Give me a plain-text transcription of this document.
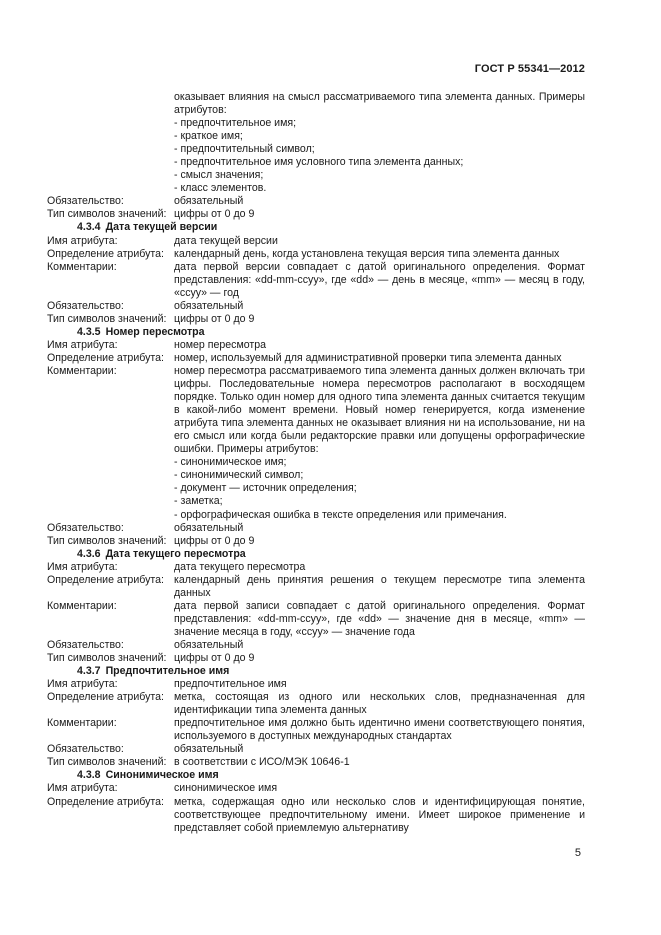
ГОСТ Р 55341—2012
оказывает влияния на смысл рассматриваемого типа элемента данных. Примеры атрибутов:
- предпочтительное имя;
- краткое имя;
- предпочтительный символ;
- предпочтительное имя условного типа элемента данных;
- смысл значения;
- класс элементов.
Обязательство:	обязательный
Тип символов значений: цифры от 0 до 9
4.3.4 Дата текущей версии
Имя атрибута:	дата текущей версии
Определение атрибута: календарный день, когда установлена текущая версия типа элемента данных
Комментарии:	дата первой версии совпадает с датой оригинального определения. Формат представления: «dd-mm-ccyy», где «dd» — день в месяце, «mm» — месяц в году, «ccyy» — год
Обязательство:	обязательный
Тип символов значений: цифры от 0 до 9
4.3.5 Номер пересмотра
Имя атрибута:	номер пересмотра
Определение атрибута: номер, используемый для административной проверки типа элемента данных
Комментарии:	номер пересмотра рассматриваемого типа элемента данных должен включать три цифры. Последовательные номера пересмотров располагают в восходящем порядке. Только один номер для одного типа элемента данных считается текущим в какой-либо момент времени. Новый номер генерируется, когда изменение атрибута типа элемента данных не оказывает влияния ни на использование, ни на его смысл или когда были редакторские правки или допущены орфографические ошибки. Примеры атрибутов:
- синонимическое имя;
- синонимический символ;
- документ — источник определения;
- заметка;
- орфографическая ошибка в тексте определения или примечания.
Обязательство:	обязательный
Тип символов значений: цифры от 0 до 9
4.3.6 Дата текущего пересмотра
Имя атрибута:	дата текущего пересмотра
Определение атрибута: календарный день принятия решения о текущем пересмотре типа элемента данных
Комментарии:	дата первой записи совпадает с датой оригинального определения. Формат представления: «dd-mm-ccyy», где «dd» — значение дня в месяце, «mm» — значение месяца в году, «ccyy» — значение года
Обязательство:	обязательный
Тип символов значений: цифры от 0 до 9
4.3.7 Предпочтительное имя
Имя атрибута:	предпочтительное имя
Определение атрибута: метка, состоящая из одного или нескольких слов, предназначенная для идентификации типа элемента данных
Комментарии:	предпочтительное имя должно быть идентично имени соответствующего понятия, используемого в доступных международных стандартах
Обязательство:	обязательный
Тип символов значений: в соответствии с ИСО/МЭК 10646-1
4.3.8 Синонимическое имя
Имя атрибута:	синонимическое имя
Определение атрибута: метка, содержащая одно или несколько слов и идентифицирующая понятие, соответствующее предпочтительному имени. Имеет широкое применение и представляет собой приемлемую альтернативу
5
